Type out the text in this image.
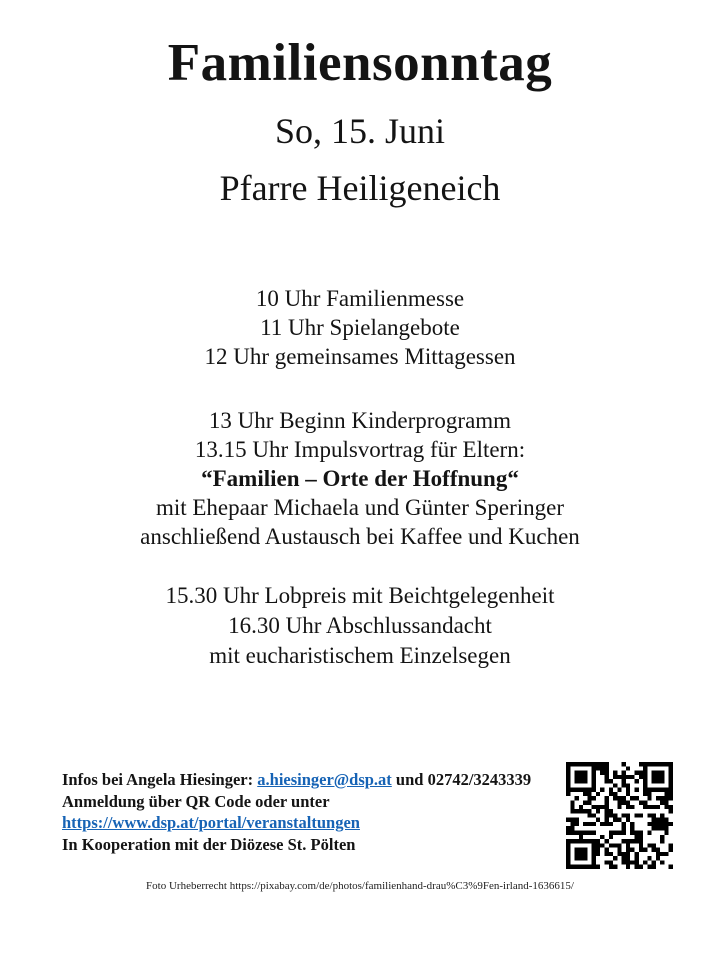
Familiensonntag
So, 15. Juni
Pfarre Heiligeneich
10 Uhr Familienmesse
11 Uhr Spielangebote
12 Uhr gemeinsames Mittagessen
13 Uhr Beginn Kinderprogramm
13.15 Uhr Impulsvortrag für Eltern:
“Familien – Orte der Hoffnung“
mit Ehepaar Michaela und Günter Speringer
anschließend Austausch bei Kaffee und Kuchen
15.30 Uhr Lobpreis mit Beichtgelegenheit
16.30 Uhr Abschlussandacht
mit eucharistischem Einzelsegen
Infos bei Angela Hiesinger: a.hiesinger@dsp.at und 02742/3243339
Anmeldung über QR Code oder unter
https://www.dsp.at/portal/veranstaltungen
In Kooperation mit der Diözese St. Pölten
Foto Urheberrecht https://pixabay.com/de/photos/familienhand-drau%C3%9Fen-irland-1636615/
